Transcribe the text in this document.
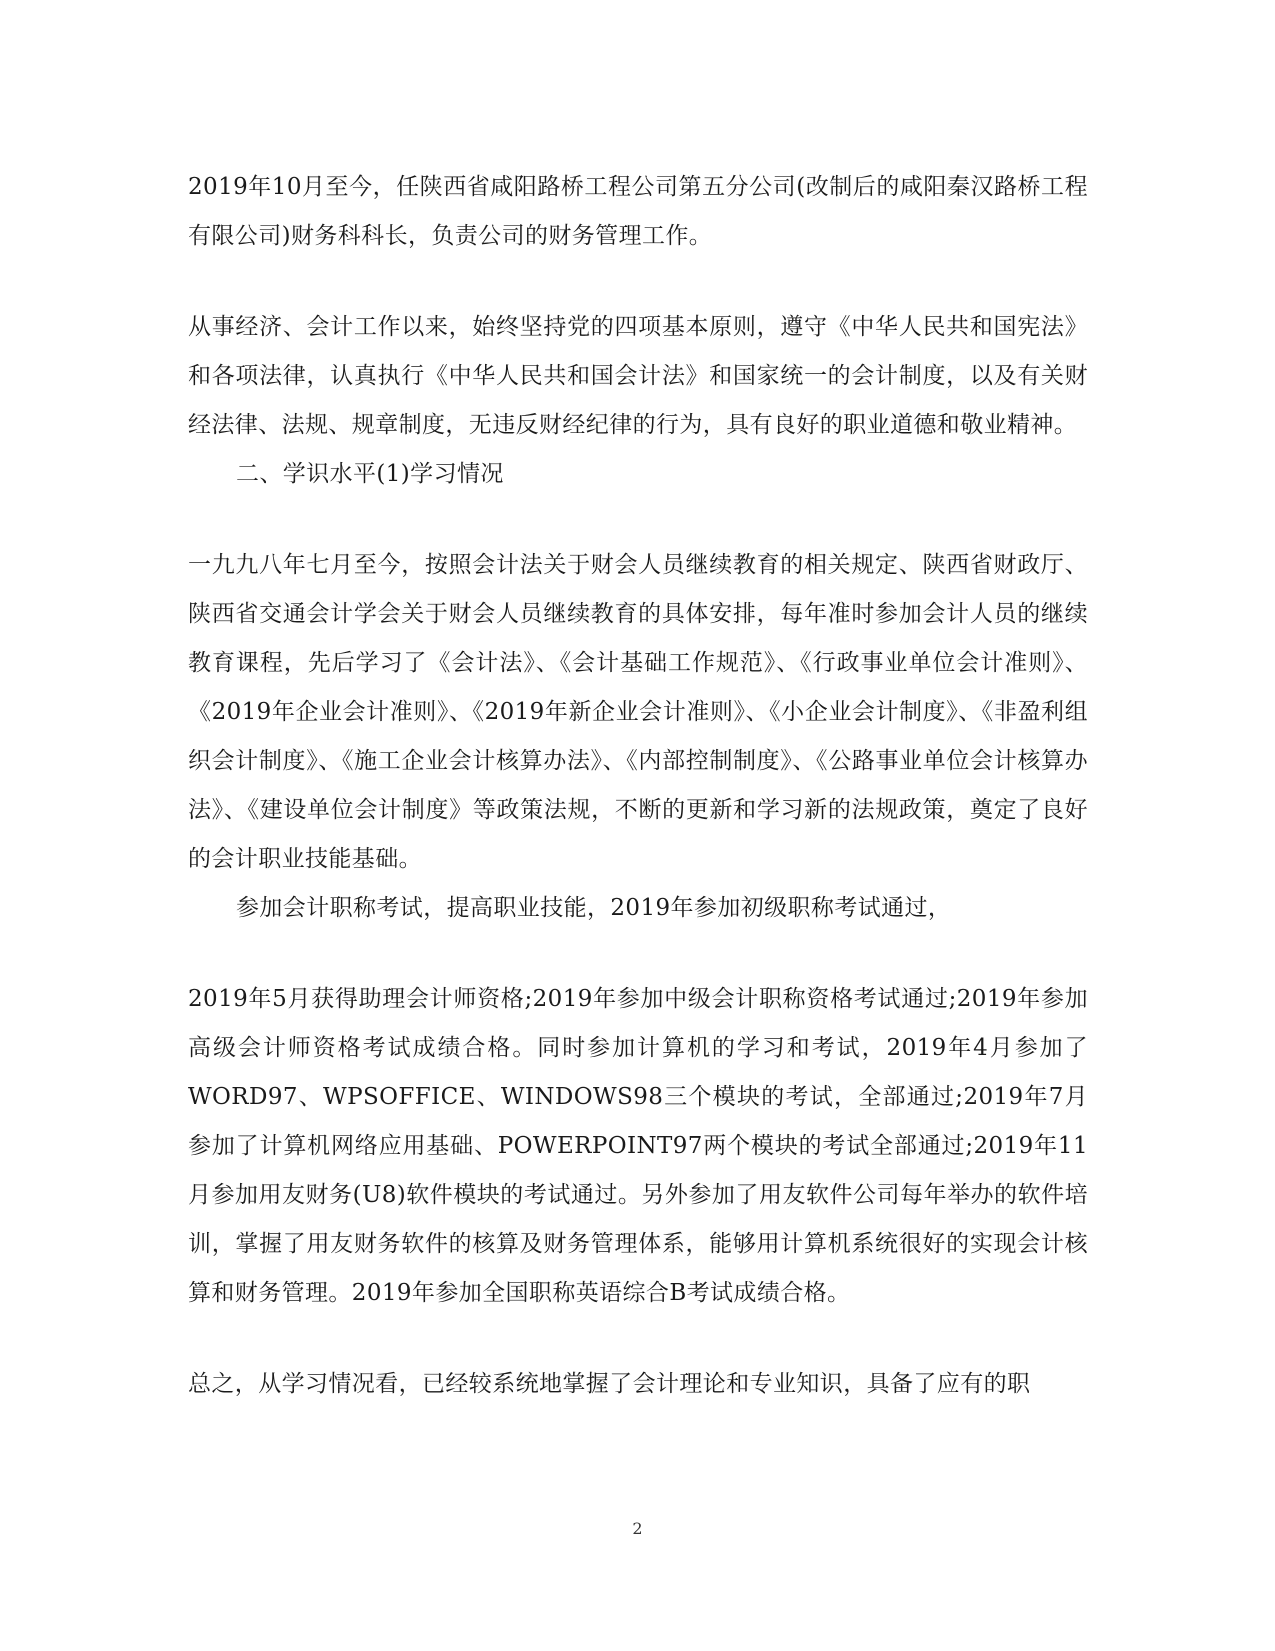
2019年10月至今，任陕西省咸阳路桥工程公司第五分公司(改制后的咸阳秦汉路桥工程有限公司)财务科科长，负责公司的财务管理工作。

从事经济、会计工作以来，始终坚持党的四项基本原则，遵守《中华人民共和国宪法》和各项法律，认真执行《中华人民共和国会计法》和国家统一的会计制度，以及有关财经法律、法规、规章制度，无违反财经纪律的行为，具有良好的职业道德和敬业精神。

二、学识水平(1)学习情况

一九九八年七月至今，按照会计法关于财会人员继续教育的相关规定、陕西省财政厅、陕西省交通会计学会关于财会人员继续教育的具体安排，每年准时参加会计人员的继续教育课程，先后学习了《会计法》、《会计基础工作规范》、《行政事业单位会计准则》、《2019年企业会计准则》、《2019年新企业会计准则》、《小企业会计制度》、《非盈利组织会计制度》、《施工企业会计核算办法》、《内部控制制度》、《公路事业单位会计核算办法》、《建设单位会计制度》等政策法规，不断的更新和学习新的法规政策，奠定了良好的会计职业技能基础。

参加会计职称考试，提高职业技能，2019年参加初级职称考试通过，

2019年5月获得助理会计师资格;2019年参加中级会计职称资格考试通过;2019年参加高级会计师资格考试成绩合格。同时参加计算机的学习和考试，2019年4月参加了WORD97、WPSOFFICE、WINDOWS98三个模块的考试，全部通过;2019年7月参加了计算机网络应用基础、POWERPOINT97两个模块的考试全部通过;2019年11月参加用友财务(U8)软件模块的考试通过。另外参加了用友软件公司每年举办的软件培训，掌握了用友财务软件的核算及财务管理体系，能够用计算机系统很好的实现会计核算和财务管理。2019年参加全国职称英语综合B考试成绩合格。

总之，从学习情况看，已经较系统地掌握了会计理论和专业知识，具备了应有的职

2
